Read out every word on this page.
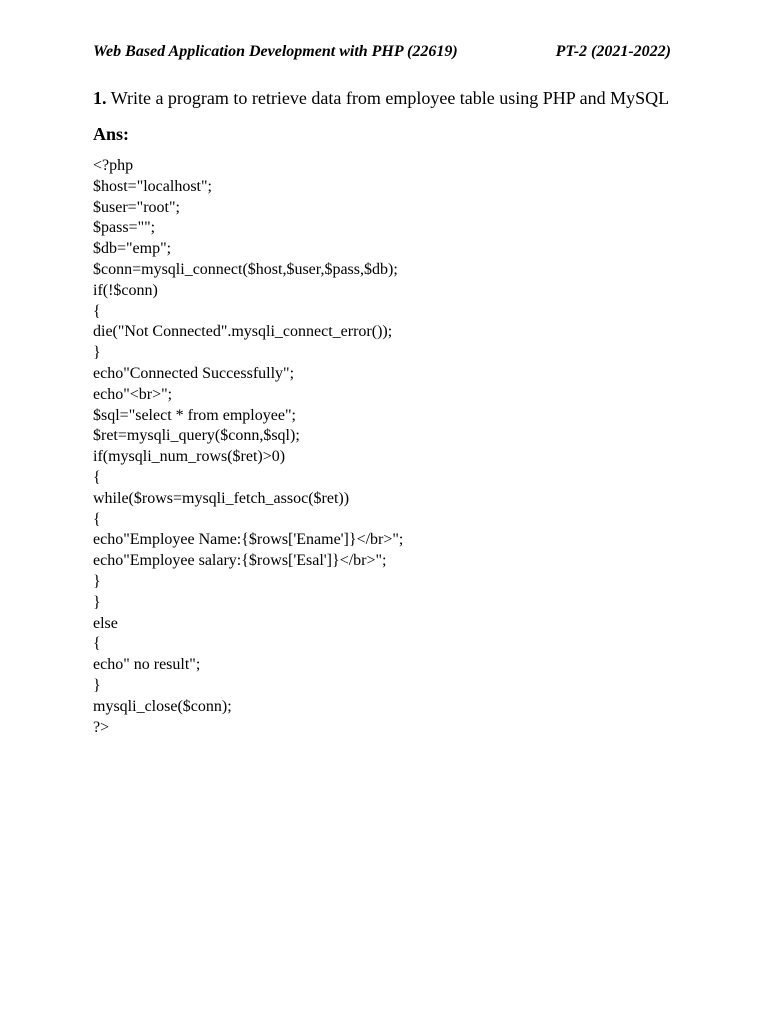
Web Based Application Development with PHP (22619)	PT-2 (2021-2022)
1. Write a program to retrieve data from employee table using PHP and MySQL
Ans:
<?php
$host="localhost";
$user="root";
$pass="";
$db="emp";
$conn=mysqli_connect($host,$user,$pass,$db);
if(!$conn)
{
die("Not Connected".mysqli_connect_error());
}
echo"Connected Successfully";
echo"<br>";
$sql="select * from employee";
$ret=mysqli_query($conn,$sql);
if(mysqli_num_rows($ret)>0)
{
while($rows=mysqli_fetch_assoc($ret))
{
echo"Employee Name:{$rows['Ename']}</br>";
echo"Employee salary:{$rows['Esal']}</br>";
}
}
else
{
echo" no result";
}
mysqli_close($conn);
?>
